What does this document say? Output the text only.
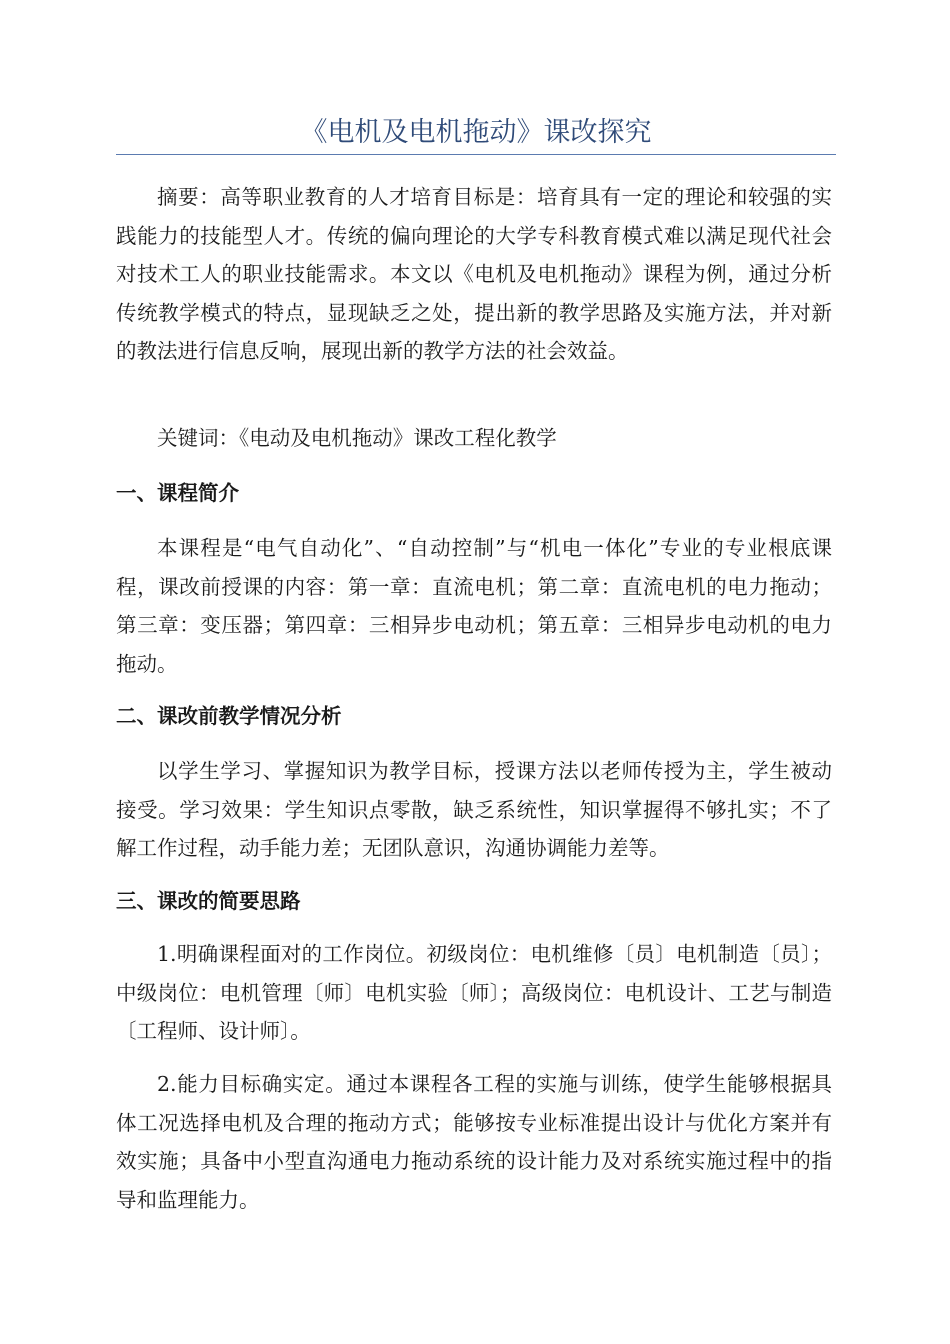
《电机及电机拖动》课改探究

摘要：高等职业教育的人才培育目标是：培育具有一定的理论和较强的实践能力的技能型人才。传统的偏向理论的大学专科教育模式难以满足现代社会对技术工人的职业技能需求。本文以《电机及电机拖动》课程为例，通过分析传统教学模式的特点，显现缺乏之处，提出新的教学思路及实施方法，并对新的教法进行信息反响，展现出新的教学方法的社会效益。

关键词：《电动及电机拖动》课改工程化教学

一、课程简介

本课程是“电气自动化”、“自动控制”与“机电一体化”专业的专业根底课程，课改前授课的内容：第一章：直流电机；第二章：直流电机的电力拖动；第三章：变压器；第四章：三相异步电动机；第五章：三相异步电动机的电力拖动。

二、课改前教学情况分析

以学生学习、掌握知识为教学目标，授课方法以老师传授为主，学生被动接受。学习效果：学生知识点零散，缺乏系统性，知识掌握得不够扎实；不了解工作过程，动手能力差；无团队意识，沟通协调能力差等。

三、课改的简要思路

1.明确课程面对的工作岗位。初级岗位：电机维修〔员〕电机制造〔员〕；中级岗位：电机管理〔师〕电机实验〔师〕；高级岗位：电机设计、工艺与制造〔工程师、设计师〕。

2.能力目标确实定。通过本课程各工程的实施与训练，使学生能够根据具体工况选择电机及合理的拖动方式；能够按专业标准提出设计与优化方案并有效实施；具备中小型直沟通电力拖动系统的设计能力及对系统实施过程中的指导和监理能力。
